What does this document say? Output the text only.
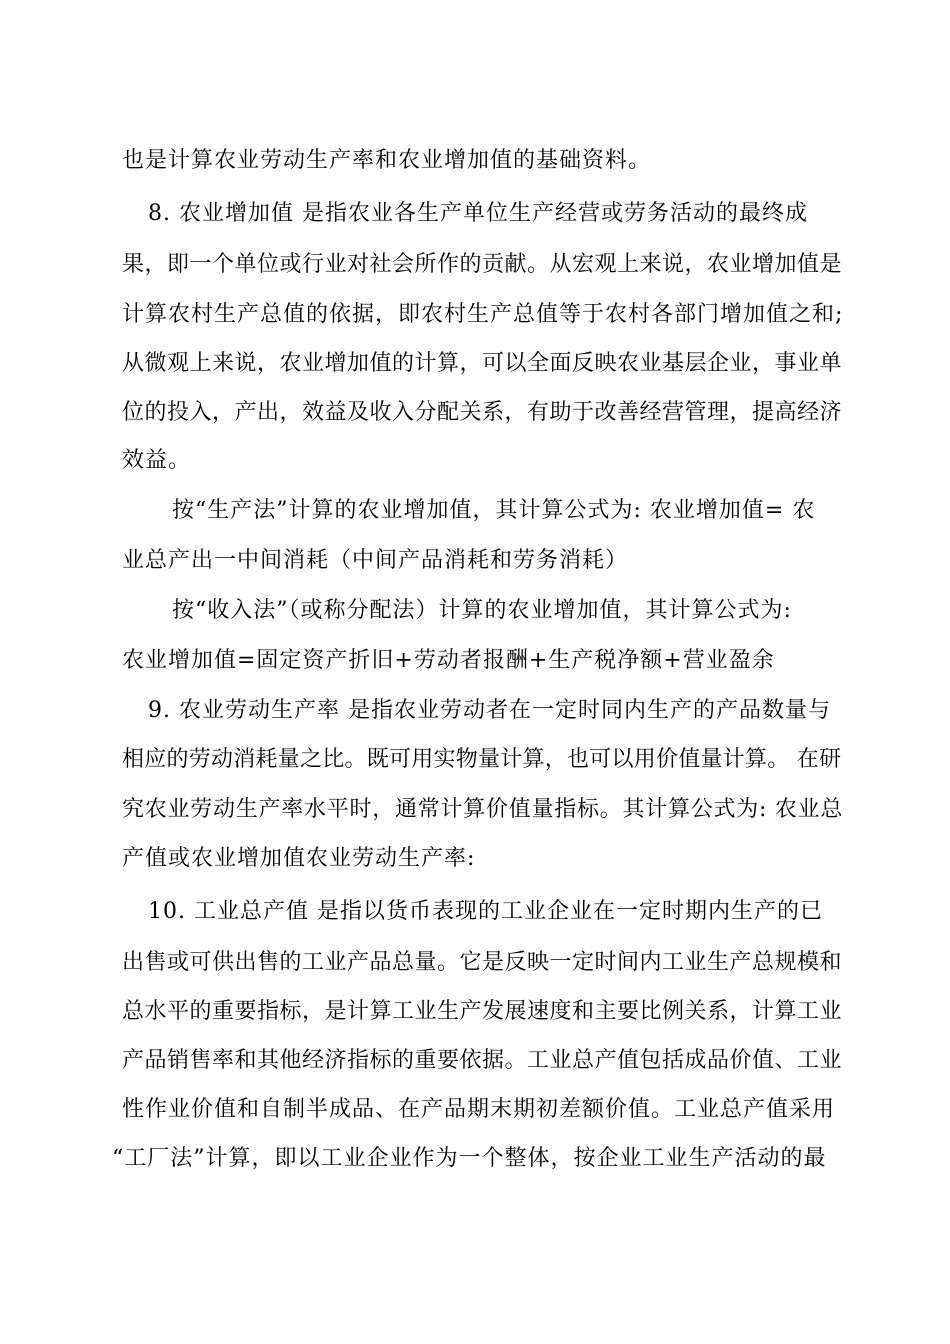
也是计算农业劳动生产率和农业增加值的基础资料。
8. 农业增加值 是指农业各生产单位生产经营或劳务活动的最终成
果，即一个单位或行业对社会所作的贡献。从宏观上来说，农业增加值是
计算农村生产总值的依据，即农村生产总值等于农村各部门增加值之和;
从微观上来说，农业增加值的计算，可以全面反映农业基层企业，事业单
位的投入，产出，效益及收入分配关系，有助于改善经营管理，提高经济
效益。
按“生产法”计算的农业增加值，其计算公式为: 农业增加值= 农
业总产出一中间消耗（中间产品消耗和劳务消耗）
按“收入法”（或称分配法）计算的农业增加值，其计算公式为:
农业增加值=固定资产折旧+劳动者报酬+生产税净额+营业盈余
9. 农业劳动生产率 是指农业劳动者在一定时同内生产的产品数量与
相应的劳动消耗量之比。既可用实物量计算，也可以用价值量计算。 在研
究农业劳动生产率水平时，通常计算价值量指标。其计算公式为: 农业总
产值或农业增加值农业劳动生产率:
10. 工业总产值 是指以货币表现的工业企业在一定时期内生产的已
出售或可供出售的工业产品总量。它是反映一定时间内工业生产总规模和
总水平的重要指标，是计算工业生产发展速度和主要比例关系，计算工业
产品销售率和其他经济指标的重要依据。工业总产值包括成品价值、工业
性作业价值和自制半成品、在产品期末期初差额价值。工业总产值采用
“工厂法”计算，即以工业企业作为一个整体，按企业工业生产活动的最
